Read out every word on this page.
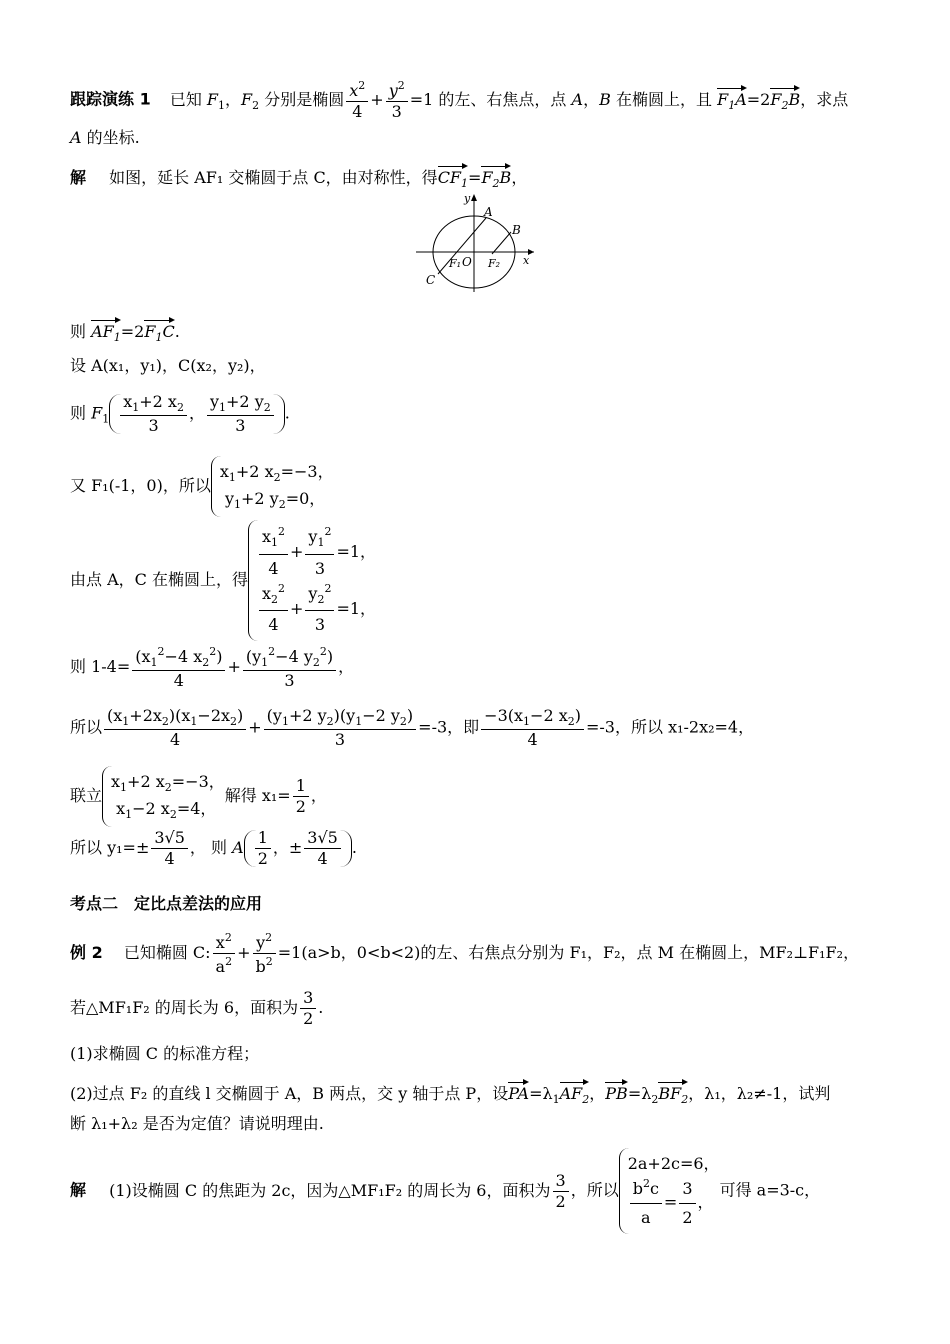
跟踪演练 1 已知 $F_1$，$F_2$ 分别是椭圆 $\frac{x^2}{4} + \frac{y^2}{3} =1$ 的左、右焦点，点 A，B 在椭圆上，且 $F_1A=2F_2B$，求点
A 的坐标.
解 如图，延长 AF₁ 交椭圆于点 C，由对称性，得$CF_1=F_2B$，
y
x
A
B
C
F₁ O F₂
则 $AF_1=2F_1C$.
设 A(x₁，y₁)，C(x₂，y₂)，
则 $F_1 \frac{x_1+2 x_2}{3}$ ， $\frac{y_1+2 y_2}{3}$ .
又 F₁(-1，0)，所以
$x_1+2$ $x_2=-3$，
$y_1+2$ $y_2=0$，
由点 A，C 在椭圆上，得 $\frac{x_1^2}{4} + \frac{y_1^2}{3} =1$，
$\frac{x_2^2}{4} + \frac{y_2^2}{3} =1$，
则 $1-4= \frac{(x_1^2-4 x_2^2)}{4} + \frac{(y_1^2-4 y_2^2)}{3}$ ，
所以 $\frac{(x_1+2x_2)(x_1-2x_2)}{4} + \frac{(y_1+2 y_2)(y_1-2 y_2)}{3} =-3$，即 $\frac{-3(x_1-2 x_2)}{4} =-3$，所以 x₁-2x₂=4，
联立
$x_1+2$ $x_2=-3$，
$x_1-2$ $x_2=4$，
解得 $x_1= \frac{1}{2}$ ，
所以 $y_1=\pm \frac{3√5}{4}$ ， 则 A $\frac{1}{2}$ ，± $\frac{3√5}{4}$ .
考点二　定比点差法的应用
例 2 已知椭圆 C: $\frac{x^2}{a^2} + \frac{y^2}{b^2} =1(a>b$，0<b<2)的左、右焦点分别为 F₁，F₂，点 M 在椭圆上，MF₂⊥F₁F₂，
若△MF₁F₂ 的周长为 6，面积为 $\frac{3}{2}$ .
(1)求椭圆 C 的标准方程；
(2)过点 F₂ 的直线 l 交椭圆于 A，B 两点，交 y 轴于点 P，设$PA=\lambda_1AF_2$，$PB=\lambda_2BF_2$，λ₁，λ₂≠-1，试判
断 λ₁+λ₂ 是否为定值？请说明理由.
解 (1)设椭圆 C 的焦距为 2c，因为△MF₁F₂ 的周长为 6，面积为 $\frac{3}{2}$ ，所以
2a+2c=6，
$\frac{b^2c}{a} = \frac{3}{2}$ ，
可得 a=3-c，
